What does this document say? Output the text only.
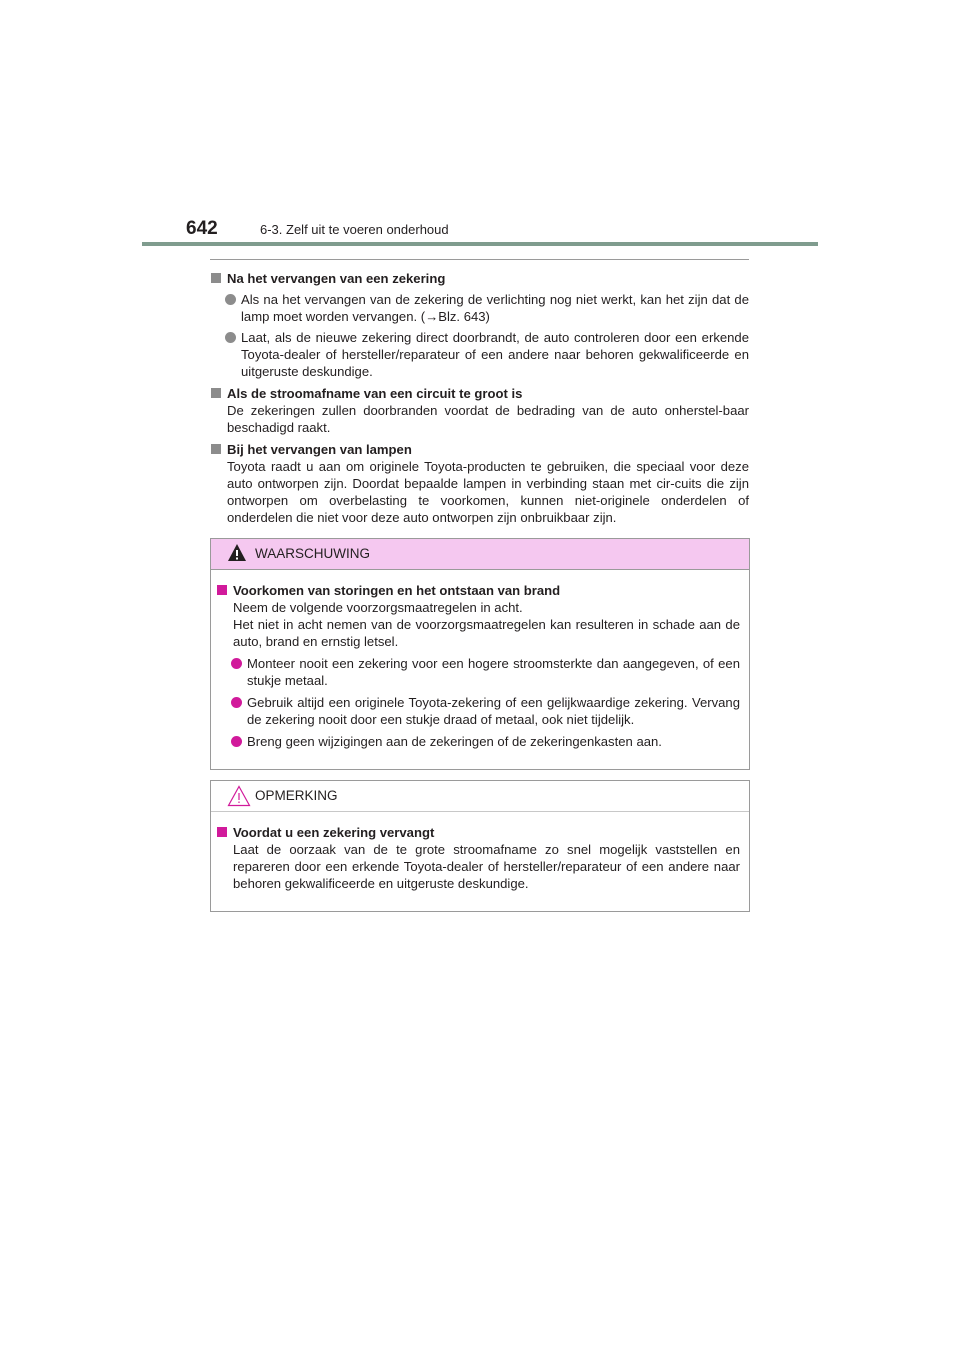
642	6-3. Zelf uit te voeren onderhoud
Na het vervangen van een zekering
Als na het vervangen van de zekering de verlichting nog niet werkt, kan het zijn dat de lamp moet worden vervangen. (→Blz. 643)
Laat, als de nieuwe zekering direct doorbrandt, de auto controleren door een erkende Toyota-dealer of hersteller/reparateur of een andere naar behoren gekwalificeerde en uitgeruste deskundige.
Als de stroomafname van een circuit te groot is
De zekeringen zullen doorbranden voordat de bedrading van de auto onherstel-baar beschadigd raakt.
Bij het vervangen van lampen
Toyota raadt u aan om originele Toyota-producten te gebruiken, die speciaal voor deze auto ontworpen zijn. Doordat bepaalde lampen in verbinding staan met cir-cuits die zijn ontworpen om overbelasting te voorkomen, kunnen niet-originele onderdelen of onderdelen die niet voor deze auto ontworpen zijn onbruikbaar zijn.
WAARSCHUWING
Voorkomen van storingen en het ontstaan van brand
Neem de volgende voorzorgsmaatregelen in acht.
Het niet in acht nemen van de voorzorgsmaatregelen kan resulteren in schade aan de auto, brand en ernstig letsel.
Monteer nooit een zekering voor een hogere stroomsterkte dan aangegeven, of een stukje metaal.
Gebruik altijd een originele Toyota-zekering of een gelijkwaardige zekering. Vervang de zekering nooit door een stukje draad of metaal, ook niet tijdelijk.
Breng geen wijzigingen aan de zekeringen of de zekeringenkasten aan.
OPMERKING
Voordat u een zekering vervangt
Laat de oorzaak van de te grote stroomafname zo snel mogelijk vaststellen en repareren door een erkende Toyota-dealer of hersteller/reparateur of een andere naar behoren gekwalificeerde en uitgeruste deskundige.
